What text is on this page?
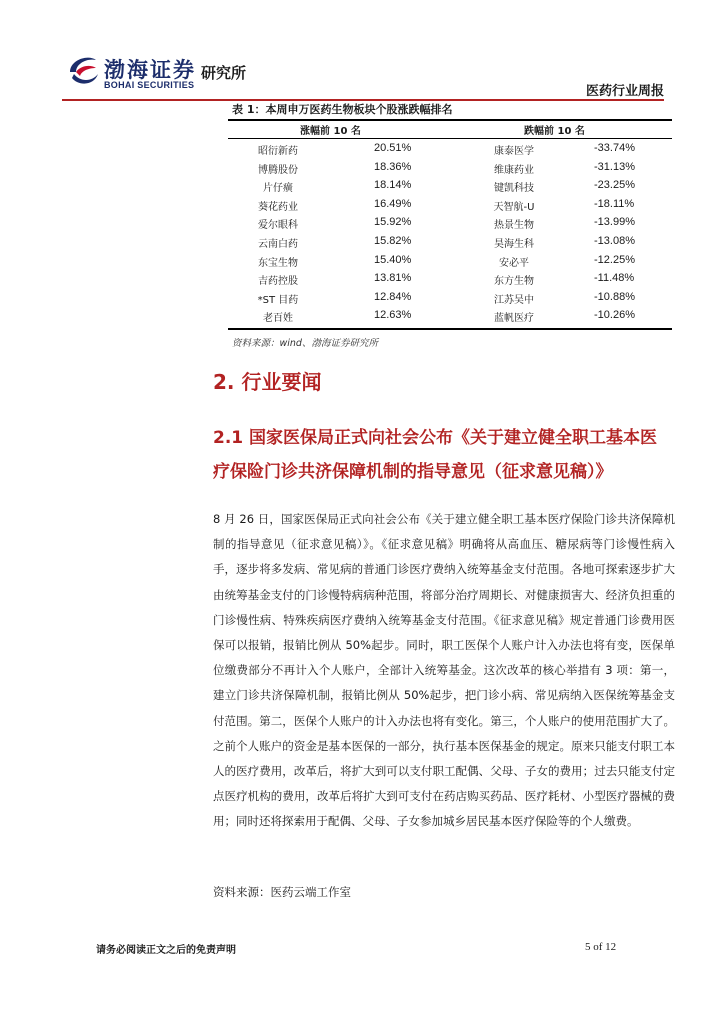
渤海证券
BOHAI SECURITIES
研究所
医药行业周报
表 1：本周申万医药生物板块个股涨跌幅排名
涨幅前 10 名	跌幅前 10 名
昭衍新药	20.51%	康泰医学	-33.74%
博腾股份	18.36%	维康药业	-31.13%
片仔癀	18.14%	键凯科技	-23.25%
葵花药业	16.49%	天智航-U	-18.11%
爱尔眼科	15.92%	热景生物	-13.99%
云南白药	15.82%	昊海生科	-13.08%
东宝生物	15.40%	安必平	-12.25%
吉药控股	13.81%	东方生物	-11.48%
*ST 目药	12.84%	江苏吴中	-10.88%
老百姓	12.63%	蓝帆医疗	-10.26%
资料来源：wind、渤海证券研究所
2. 行业要闻
2.1 国家医保局正式向社会公布《关于建立健全职工基本医疗保险门诊共济保障机制的指导意见（征求意见稿）》
8 月 26 日，国家医保局正式向社会公布《关于建立健全职工基本医疗保险门诊共济保障机制的指导意见（征求意见稿）》。《征求意见稿》明确将从高血压、糖尿病等门诊慢性病入手，逐步将多发病、常见病的普通门诊医疗费纳入统筹基金支付范围。各地可探索逐步扩大由统筹基金支付的门诊慢特病病种范围，将部分治疗周期长、对健康损害大、经济负担重的门诊慢性病、特殊疾病医疗费纳入统筹基金支付范围。《征求意见稿》规定普通门诊费用医保可以报销，报销比例从 50%起步。同时，职工医保个人账户计入办法也将有变，医保单位缴费部分不再计入个人账户，全部计入统筹基金。这次改革的核心举措有 3 项：第一，建立门诊共济保障机制，报销比例从 50%起步，把门诊小病、常见病纳入医保统筹基金支付范围。第二，医保个人账户的计入办法也将有变化。第三，个人账户的使用范围扩大了。之前个人账户的资金是基本医保的一部分，执行基本医保基金的规定。原来只能支付职工本人的医疗费用，改革后，将扩大到可以支付职工配偶、父母、子女的费用；过去只能支付定点医疗机构的费用，改革后将扩大到可支付在药店购买药品、医疗耗材、小型医疗器械的费用；同时还将探索用于配偶、父母、子女参加城乡居民基本医疗保险等的个人缴费。
资料来源：医药云端工作室
请务必阅读正文之后的免责声明	5 of 12
